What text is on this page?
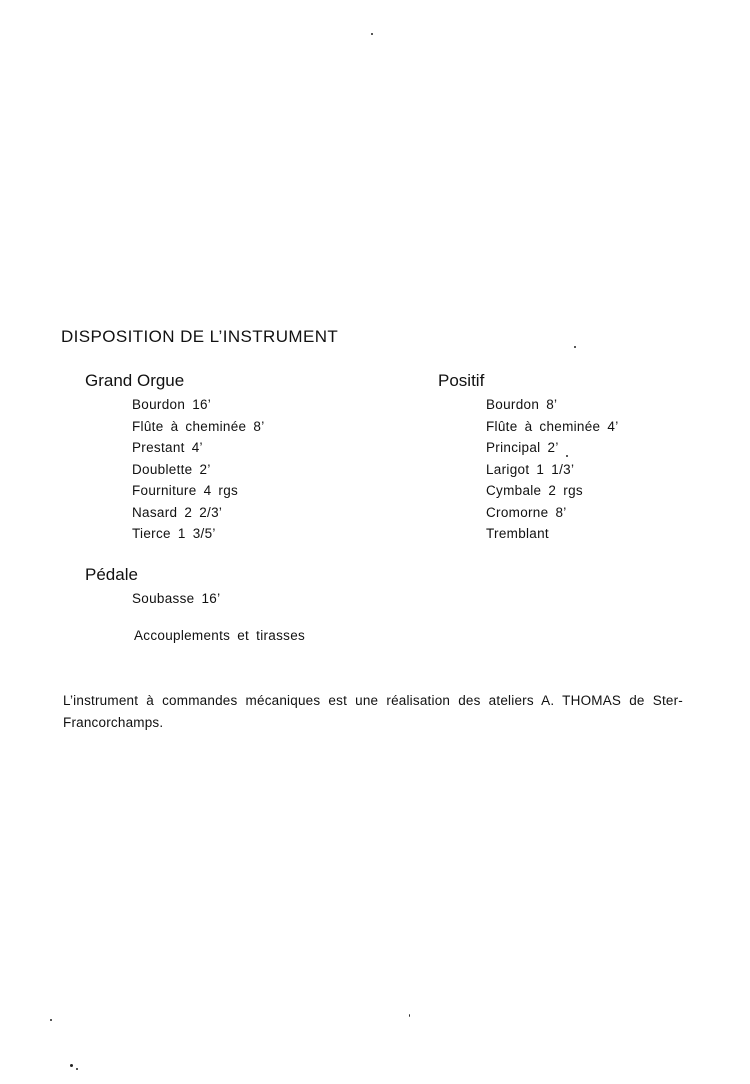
DISPOSITION DE L’INSTRUMENT
Grand Orgue
Bourdon 16’
Flûte à cheminée 8’
Prestant 4’
Doublette 2’
Fourniture 4 rgs
Nasard 2 2/3’
Tierce 1 3/5’
Positif
Bourdon 8’
Flûte à cheminée 4’
Principal 2’
Larigot 1 1/3’
Cymbale 2 rgs
Cromorne 8’
Tremblant
Pédale
Soubasse 16’
Accouplements et tirasses
L’instrument à commandes mécaniques est une réalisation des ateliers A. THOMAS de Ster-Francorchamps.
